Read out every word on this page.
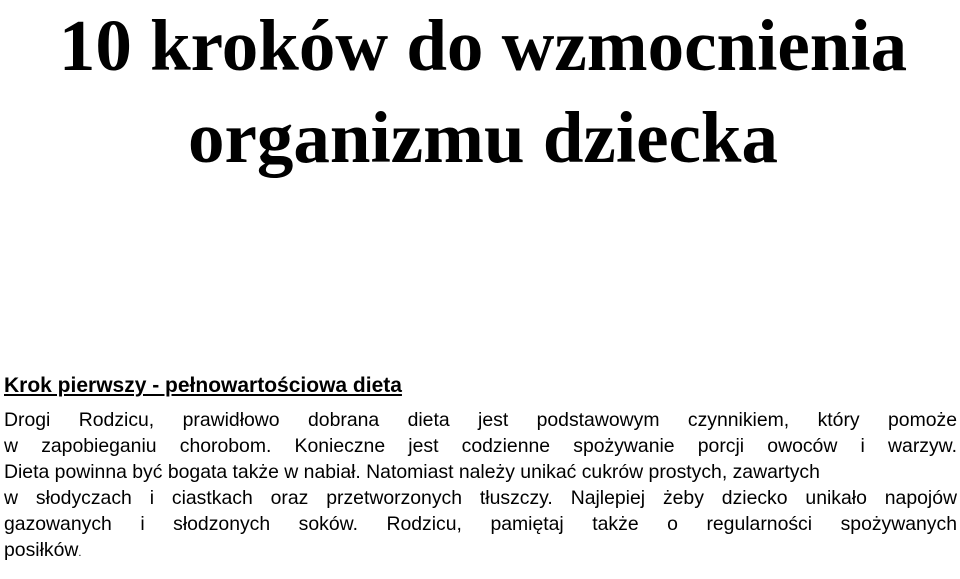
10 kroków do wzmocnienia
organizmu dziecka
Krok pierwszy - pełnowartościowa dieta
Drogi Rodzicu, prawidłowo dobrana dieta jest podstawowym czynnikiem, który pomoże
w zapobieganiu chorobom. Konieczne jest codzienne spożywanie porcji owoców i warzyw.
Dieta powinna być bogata także w nabiał. Natomiast należy unikać cukrów prostych, zawartych
w słodyczach i ciastkach oraz przetworzonych tłuszczy. Najlepiej żeby dziecko unikało napojów
gazowanych i słodzonych soków. Rodzicu, pamiętaj także o regularności spożywanych
posiłków.
